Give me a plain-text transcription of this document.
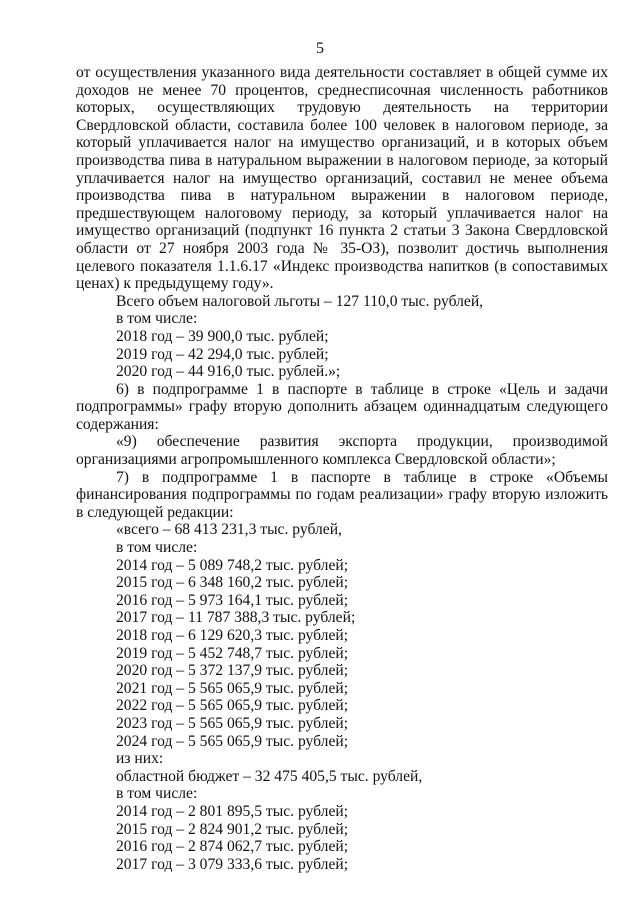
5

от осуществления указанного вида деятельности составляет в общей сумме их доходов не менее 70 процентов, среднесписочная численность работников которых, осуществляющих трудовую деятельность на территории Свердловской области, составила более 100 человек в налоговом периоде, за который уплачивается налог на имущество организаций, и в которых объем производства пива в натуральном выражении в налоговом периоде, за который уплачивается налог на имущество организаций, составил не менее объема производства пива в натуральном выражении в налоговом периоде, предшествующем налоговому периоду, за который уплачивается налог на имущество организаций (подпункт 16 пункта 2 статьи 3 Закона Свердловской области от 27 ноября 2003 года № 35-ОЗ), позволит достичь выполнения целевого показателя 1.1.6.17 «Индекс производства напитков (в сопоставимых ценах) к предыдущему году».

Всего объем налоговой льготы – 127 110,0 тыс. рублей,

в том числе:

2018 год – 39 900,0 тыс. рублей;

2019 год – 42 294,0 тыс. рублей;

2020 год – 44 916,0 тыс. рублей.»;

6) в подпрограмме 1 в паспорте в таблице в строке «Цель и задачи подпрограммы» графу вторую дополнить абзацем одиннадцатым следующего содержания:

«9) обеспечение развития экспорта продукции, производимой организациями агропромышленного комплекса Свердловской области»;

7) в подпрограмме 1 в паспорте в таблице в строке «Объемы финансирования подпрограммы по годам реализации» графу вторую изложить в следующей редакции:

«всего – 68 413 231,3 тыс. рублей,

в том числе:

2014 год – 5 089 748,2 тыс. рублей;

2015 год – 6 348 160,2 тыс. рублей;

2016 год – 5 973 164,1 тыс. рублей;

2017 год – 11 787 388,3 тыс. рублей;

2018 год – 6 129 620,3 тыс. рублей;

2019 год – 5 452 748,7 тыс. рублей;

2020 год – 5 372 137,9 тыс. рублей;

2021 год – 5 565 065,9 тыс. рублей;

2022 год – 5 565 065,9 тыс. рублей;

2023 год – 5 565 065,9 тыс. рублей;

2024 год – 5 565 065,9 тыс. рублей;

из них:

областной бюджет – 32 475 405,5 тыс. рублей,

в том числе:

2014 год – 2 801 895,5 тыс. рублей;

2015 год – 2 824 901,2 тыс. рублей;

2016 год – 2 874 062,7 тыс. рублей;

2017 год – 3 079 333,6 тыс. рублей;
